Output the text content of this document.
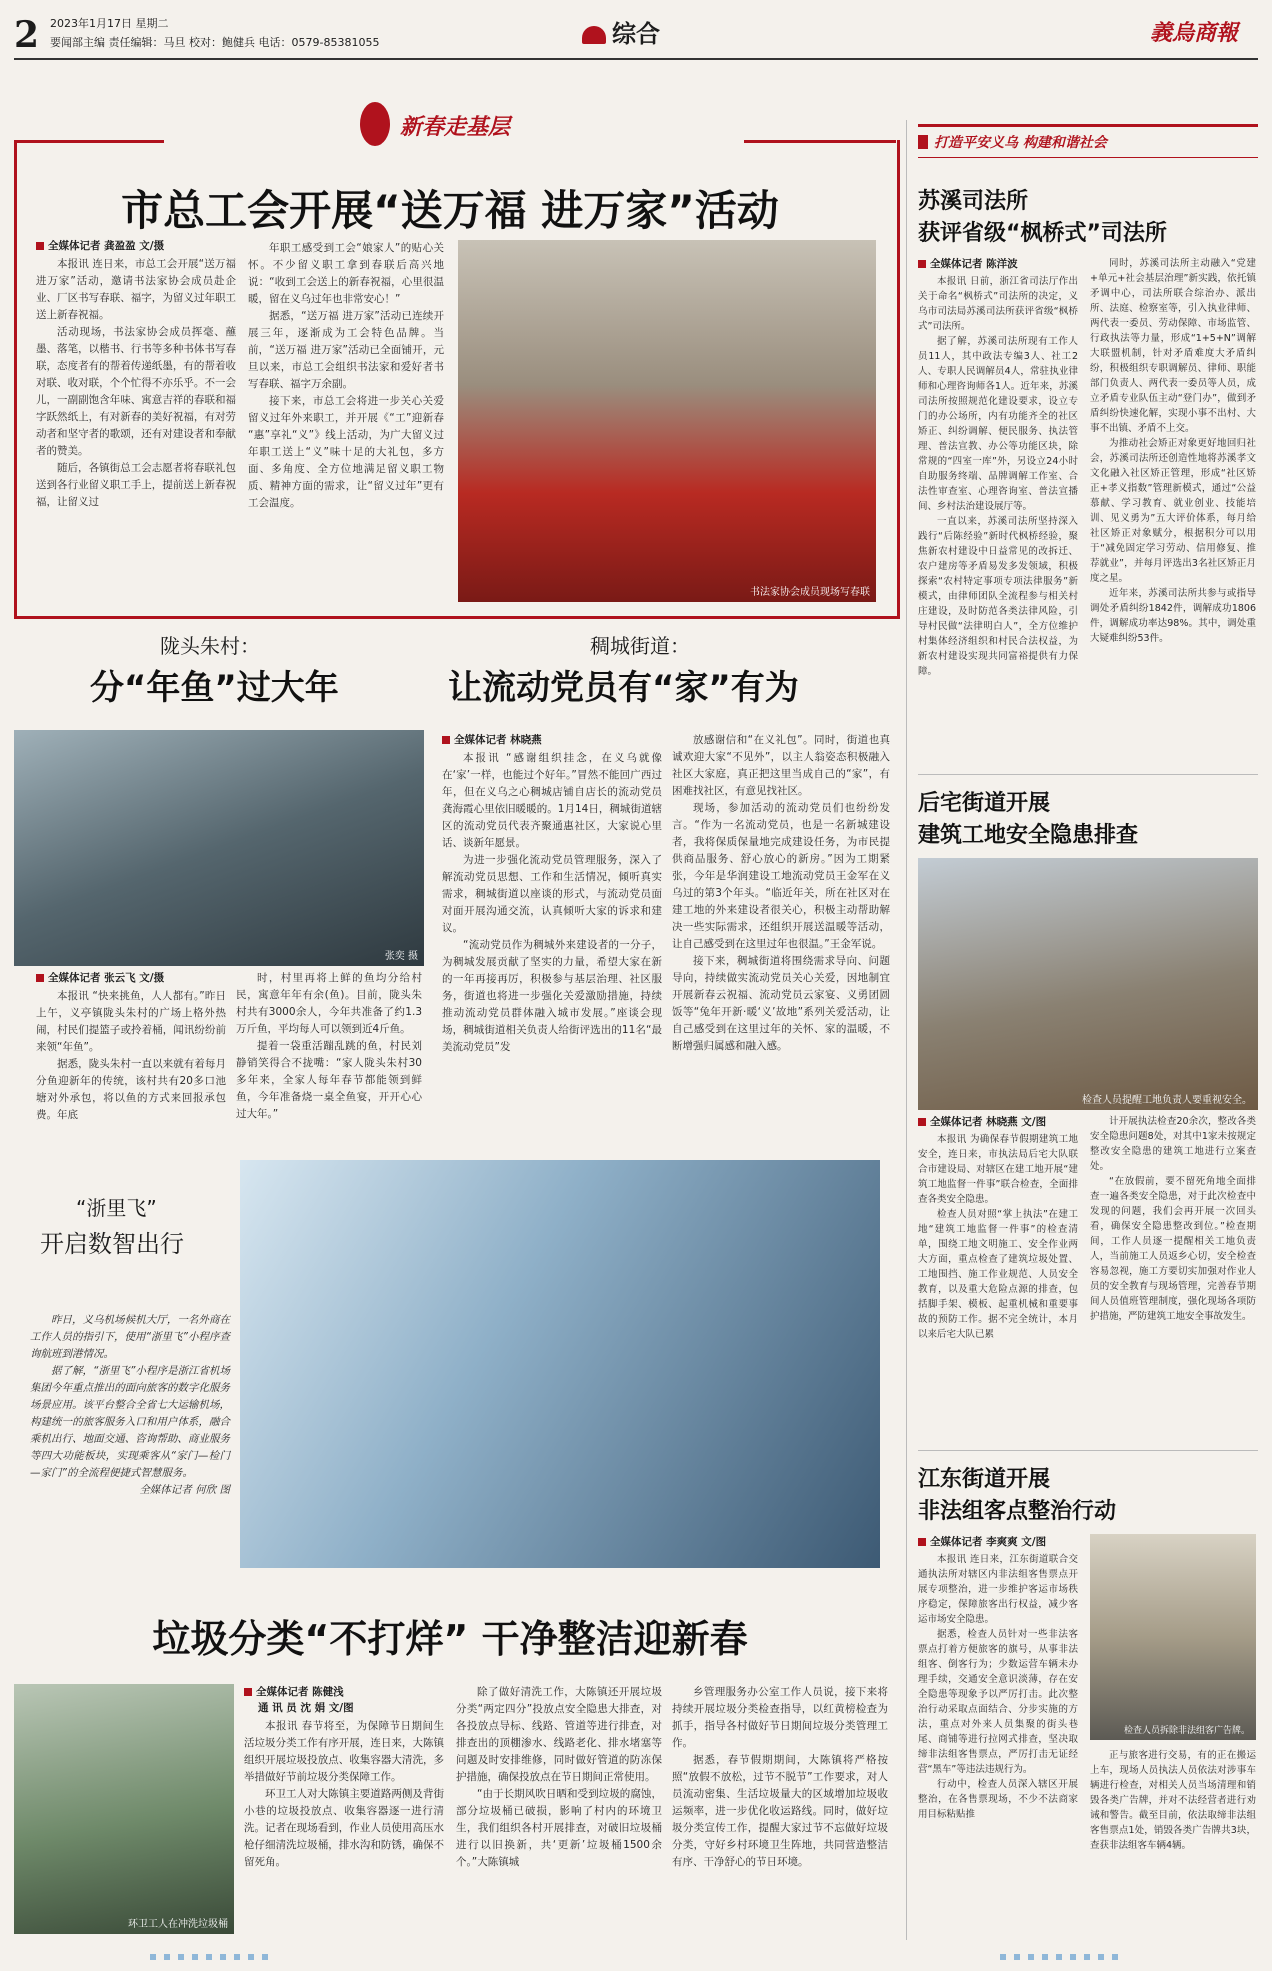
2 2023年1月17日 星期二
要闻部主编 责任编辑：马旦 校对：鲍健兵 电话：0579-85381055	综合	義烏商報
新春走基层
市总工会开展“送万福 进万家”活动
全媒体记者 龚盈盈 文/摄

本报讯 连日来，市总工会开展“送万福 进万家”活动，邀请书法家协会成员赴企业、厂区书写春联、福字，为留义过年职工送上新春祝福。

活动现场，书法家协会成员挥毫、蘸墨、落笔，以楷书、行书等多种书体书写春联，态度者有的帮着传递纸墨，有的帮着收对联、收对联，个个忙得不亦乐乎。不一会儿，一副副饱含年味、寓意吉祥的春联和福字跃然纸上，有对新春的美好祝福，有对劳动者和坚守者的歌颂，还有对建设者和奉献者的赞美。

随后，各镇街总工会志愿者将春联礼包送到各行业留义职工手上，提前送上新春祝福，让留义过

年职工感受到工会“娘家人”的贴心关怀。不少留义职工拿到春联后高兴地说：“收到工会送上的新春祝福，心里很温暖，留在义乌过年也非常安心！”

据悉，“送万福 进万家”活动已连续开展三年，逐渐成为工会特色品牌。当前，“送万福 进万家”活动已全面铺开，元旦以来，市总工会组织书法家和爱好者书写春联、福字万余副。

接下来，市总工会将进一步关心关爱留义过年外来职工，并开展《“工”迎新春 “惠”享礼“义”》线上活动，为广大留义过年职工送上“义”味十足的大礼包，多方面、多角度、全方位地满足留义职工物质、精神方面的需求，让“留义过年”更有工会温度。

书法家协会成员现场写春联
陇头朱村：
分“年鱼”过大年
张奕 摄
全媒体记者 张云飞 文/摄

本报讯 “快来挑鱼，人人都有。”昨日上午，义亭镇陇头朱村的广场上格外热闹，村民们提篮子或拎着桶，闻讯纷纷前来领“年鱼”。

据悉，陇头朱村一直以来就有着每月分鱼迎新年的传统，该村共有20多口池塘对外承包，将以鱼的方式来回报承包费。年底

时，村里再将上鲜的鱼均分给村民，寓意年年有余(鱼)。目前，陇头朱村共有3000余人，今年共准备了约1.3万斤鱼，平均每人可以领到近4斤鱼。

提着一袋重活蹦乱跳的鱼，村民刘静销笑得合不拢嘴：“家人陇头朱村30多年来，全家人每年春节都能领到鲜鱼，今年准备烧一桌全鱼宴，开开心心过大年。”

稠城街道：
让流动党员有“家”有为
全媒体记者 林晓燕

本报讯 “感谢组织挂念，在义乌就像在‘家’一样，也能过个好年。”冒然不能回广西过年，但在义乌之心稠城店铺自店长的流动党员龚海霞心里依旧暖暖的。1月14日，稠城街道辖区的流动党员代表齐聚通惠社区，大家说心里话、谈新年愿景。

为进一步强化流动党员管理服务，深入了解流动党员思想、工作和生活情况，倾听真实需求，稠城街道以座谈的形式，与流动党员面对面开展沟通交流，认真倾听大家的诉求和建议。

“流动党员作为稠城外来建设者的一分子，为稠城发展贡献了坚实的力量，希望大家在新的一年再接再厉，积极参与基层治理、社区服务，街道也将进一步强化关爱激励措施，持续推动流动党员群体融入城市发展。”座谈会现场，稠城街道相关负责人给街评选出的11名“最美流动党员”发

放感谢信和“在义礼包”。同时，街道也真诚欢迎大家“不见外”，以主人翁姿态积极融入社区大家庭，真正把这里当成自己的“家”，有困难找社区，有意见找社区。

现场，参加活动的流动党员们也纷纷发言。“作为一名流动党员，也是一名新城建设者，我将保质保量地完成建设任务，为市民提供商品服务、舒心放心的新房。”因为工期紧张，今年是华润建设工地流动党员王金军在义乌过的第3个年头。“临近年关，所在社区对在建工地的外来建设者很关心，积极主动帮助解决一些实际需求，还组织开展送温暖等活动，让自己感受到在这里过年也很温。”王金军说。

接下来，稠城街道将围绕需求导向、问题导向，持续做实流动党员关心关爱，因地制宜开展新春云祝福、流动党员云家宴、义勇团圆饭等“兔年开新·暖‘义’故地”系列关爱活动，让自己感受到在这里过年的关怀、家的温暖，不断增强归属感和融入感。

“浙里飞”
开启数智出行

昨日，义乌机场候机大厅，一名外商在工作人员的指引下，使用“浙里飞”小程序查询航班到港情况。

据了解，“浙里飞”小程序是浙江省机场集团今年重点推出的面向旅客的数字化服务场景应用。该平台整合全省七大运输机场，构建统一的旅客服务入口和用户体系，融合乘机出行、地面交通、咨询帮助、商业服务等四大功能板块，实现乘客从“家门—检门—家门”的全流程便捷式智慧服务。

全媒体记者 何欣 图
垃圾分类“不打烊” 干净整洁迎新春
环卫工人在冲洗垃圾桶
全媒体记者 陈健浅
通 讯 员 沈 娟 文/图

本报讯 春节将至，为保障节日期间生活垃圾分类工作有序开展，连日来，大陈镇组织开展垃圾投放点、收集容器大清洗，多举措做好节前垃圾分类保障工作。

环卫工人对大陈镇主要道路两侧及背街小巷的垃圾投放点、收集容器逐一进行清洗。记者在现场看到，作业人员使用高压水枪仔细清洗垃圾桶，排水沟和防锈，确保不留死角。

除了做好清洗工作，大陈镇还开展垃圾分类“两定四分”投放点安全隐患大排查，对各投放点导标、线路、管道等进行排查，对排查出的顶棚渗水、线路老化、排水堵塞等问题及时安排维修，同时做好管道的防冻保护措施，确保投放点在节日期间正常使用。

“由于长期风吹日晒和受到垃圾的腐蚀，部分垃圾桶已破损，影响了村内的环境卫生，我们组织各村开展排查，对破旧垃圾桶进行以旧换新，共‘更新’垃圾桶1500余个。”大陈镇城

乡管理服务办公室工作人员说，接下来将持续开展垃圾分类检查指导，以红黄榜检查为抓手，指导各村做好节日期间垃圾分类管理工作。

据悉，春节假期期间，大陈镇将严格按照“放假不放松，过节不脱节”工作要求，对人员流动密集、生活垃圾量大的区域增加垃圾收运频率，进一步优化收运路线。同时，做好垃圾分类宣传工作，提醒大家过节不忘做好垃圾分类，守好乡村环境卫生阵地，共同营造整洁有序、干净舒心的节日环境。

打造平安义乌 构建和谐社会
苏溪司法所
获评省级“枫桥式”司法所
全媒体记者 陈洋波

本报讯 日前，浙江省司法厅作出关于命名“枫桥式”司法所的决定，义乌市司法局苏溪司法所获评省级“枫桥式”司法所。

据了解，苏溪司法所现有工作人员11人，其中政法专编3人、社工2人、专职人民调解员4人，常驻执业律师和心理咨询师各1人。近年来，苏溪司法所按照规范化建设要求，设立专门的办公场所，内有功能齐全的社区矫正、纠纷调解、便民服务、执法管理、普法宣教、办公等功能区块，除常规的“四室一库”外，另设立24小时自助服务终端、品牌调解工作室、合法性审查室、心理咨询室、普法宣播间、乡村法治建设展厅等。

一直以来，苏溪司法所坚持深入践行“后陈经验”新时代枫桥经验，聚焦新农村建设中日益常见的改拆迁、农户建房等矛盾易发多发领域，积极探索“农村特定事项专项法律服务”新模式，由律师团队全流程参与相关村庄建设，及时防范各类法律风险，引导村民做“法律明白人”，全方位维护村集体经济组织和村民合法权益，为新农村建设实现共同富裕提供有力保障。

同时，苏溪司法所主动融入“党建+单元+社会基层治理”新实践，依托镇矛调中心，司法所联合综治办、派出所、法庭、检察室等，引入执业律师、两代表一委员、劳动保障、市场监管、行政执法等力量，形成“1+5+N”调解大联盟机制，针对矛盾难度大矛盾纠纷，积极组织专职调解员、律师、职能部门负责人、两代表一委员等人员，成立矛盾专业队伍主动“登门办”，做到矛盾纠纷快速化解，实现小事不出村、大事不出镇、矛盾不上交。

为推动社会矫正对象更好地回归社会，苏溪司法所还创造性地将苏溪孝文文化融入社区矫正管理，形成“社区矫正+孝义指数”管理新模式，通过“公益慕献、学习教育、就业创业、技能培训、见义勇为”五大评价体系，每月给社区矫正对象赋分，根据积分可以用于“减免固定学习劳动、信用修复、推荐就业”，并每月评选出3名社区矫正月度之星。

近年来，苏溪司法所共参与或指导调处矛盾纠纷1842件，调解成功1806件，调解成功率达98%。其中，调处重大疑难纠纷53件。

后宅街道开展
建筑工地安全隐患排查
检查人员提醒工地负责人要重视安全。
全媒体记者 林晓燕 文/图

本报讯 为确保春节假期建筑工地安全，连日来，市执法局后宅大队联合市建设局、对辖区在建工地开展“建筑工地监督一件事”联合检查，全面排查各类安全隐患。

检查人员对照“掌上执法”在建工地“建筑工地监督一件事”的检查清单，围绕工地文明施工、安全作业两大方面，重点检查了建筑垃圾处置、工地围挡、施工作业规范、人员安全教育，以及重大危险点源的排查，包括脚手架、模板、起重机械和重要事故的预防工作。据不完全统计，本月以来后宅大队已累

计开展执法检查20余次，整改各类安全隐患问题8处，对其中1家未按规定整改安全隐患的建筑工地进行立案查处。

“在放假前，要不留死角地全面排查一遍各类安全隐患，对于此次检查中发现的问题，我们会再开展一次回头看，确保安全隐患整改到位。”检查期间，工作人员逐一提醒相关工地负责人，当前施工人员返乡心切，安全检查容易忽视，施工方要切实加强对作业人员的安全教育与现场管理，完善春节期间人员值班管理制度，强化现场各项防护措施，严防建筑工地安全事故发生。

江东街道开展
非法组客点整治行动
全媒体记者 李爽爽 文/图

本报讯 连日来，江东街道联合交通执法所对辖区内非法组客售票点开展专项整治，进一步维护客运市场秩序稳定，保障旅客出行权益，减少客运市场安全隐患。

据悉，检查人员针对一些非法客票点打着方便旅客的旗号，从事非法组客、倒客行为；少数运营车辆未办理手续，交通安全意识淡薄，存在安全隐患等现象予以严厉打击。此次整治行动采取点面结合、分步实施的方法，重点对外来人员集聚的街头巷尾、商铺等进行拉网式排查，坚决取缔非法组客售票点，严厉打击无证经营“黑车”等违法违规行为。

行动中，检查人员深入辖区开展整治，在各售票现场，不少不法商家用目标粘贴推

检查人员拆除非法组客广告牌。

正与旅客进行交易，有的正在搬运上车，现场人员执法人员依法对涉事车辆进行检查，对相关人员当场清理和销毁各类广告牌，并对不法经营者进行劝诫和警告。截至目前，依法取缔非法组客售票点1处，销毁各类广告牌共3块，查获非法组客车辆4辆。
